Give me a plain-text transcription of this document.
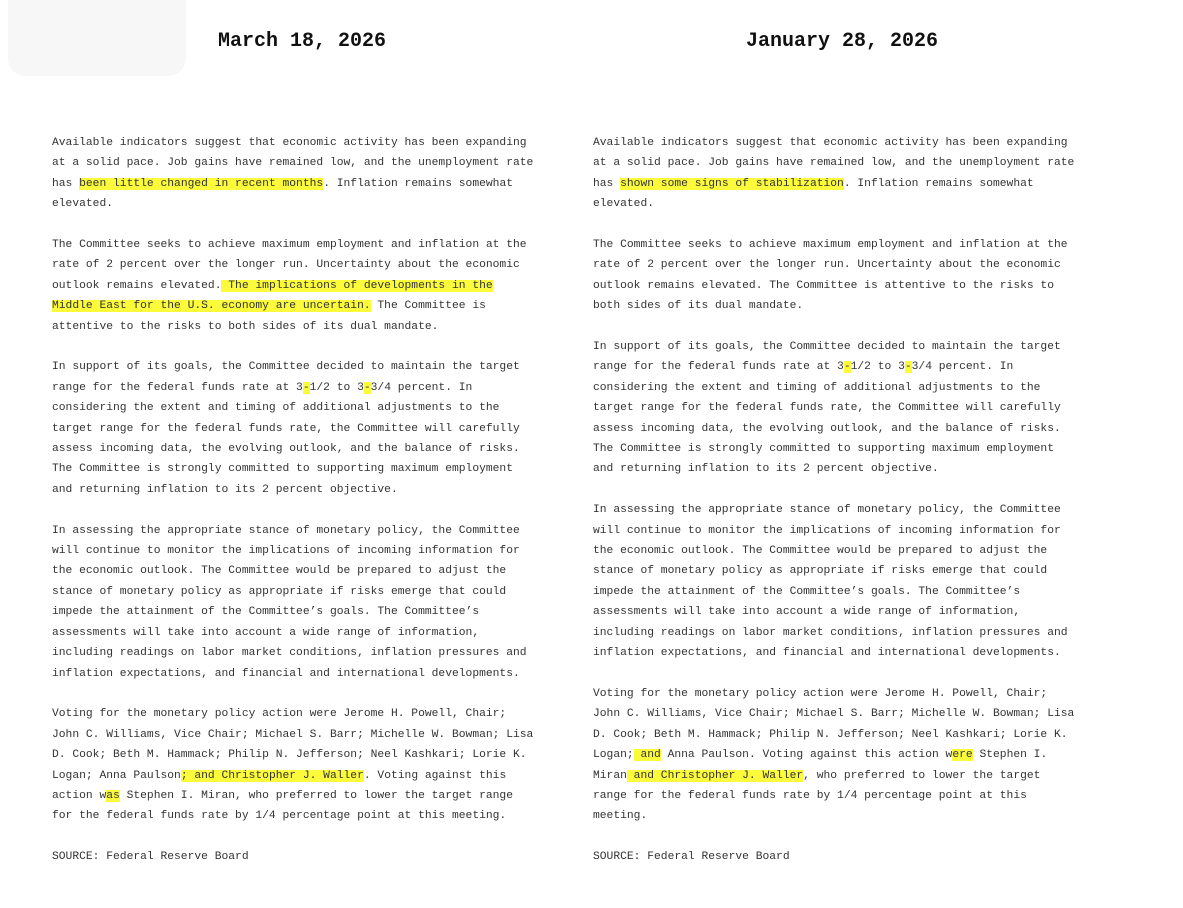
March 18, 2026

Available indicators suggest that economic activity has been expanding
at a solid pace. Job gains have remained low, and the unemployment rate
has been little changed in recent months. Inflation remains somewhat
elevated.

The Committee seeks to achieve maximum employment and inflation at the
rate of 2 percent over the longer run. Uncertainty about the economic
outlook remains elevated. The implications of developments in the
Middle East for the U.S. economy are uncertain. The Committee is
attentive to the risks to both sides of its dual mandate.

In support of its goals, the Committee decided to maintain the target
range for the federal funds rate at 3-1/2 to 3-3/4 percent. In
considering the extent and timing of additional adjustments to the
target range for the federal funds rate, the Committee will carefully
assess incoming data, the evolving outlook, and the balance of risks.
The Committee is strongly committed to supporting maximum employment
and returning inflation to its 2 percent objective.

In assessing the appropriate stance of monetary policy, the Committee
will continue to monitor the implications of incoming information for
the economic outlook. The Committee would be prepared to adjust the
stance of monetary policy as appropriate if risks emerge that could
impede the attainment of the Committee’s goals. The Committee’s
assessments will take into account a wide range of information,
including readings on labor market conditions, inflation pressures and
inflation expectations, and financial and international developments.

Voting for the monetary policy action were Jerome H. Powell, Chair;
John C. Williams, Vice Chair; Michael S. Barr; Michelle W. Bowman; Lisa
D. Cook; Beth M. Hammack; Philip N. Jefferson; Neel Kashkari; Lorie K.
Logan; Anna Paulson; and Christopher J. Waller. Voting against this
action was Stephen I. Miran, who preferred to lower the target range
for the federal funds rate by 1/4 percentage point at this meeting.

SOURCE: Federal Reserve Board

January 28, 2026

Available indicators suggest that economic activity has been expanding
at a solid pace. Job gains have remained low, and the unemployment rate
has shown some signs of stabilization. Inflation remains somewhat
elevated.

The Committee seeks to achieve maximum employment and inflation at the
rate of 2 percent over the longer run. Uncertainty about the economic
outlook remains elevated. The Committee is attentive to the risks to
both sides of its dual mandate.

In support of its goals, the Committee decided to maintain the target
range for the federal funds rate at 3-1/2 to 3-3/4 percent. In
considering the extent and timing of additional adjustments to the
target range for the federal funds rate, the Committee will carefully
assess incoming data, the evolving outlook, and the balance of risks.
The Committee is strongly committed to supporting maximum employment
and returning inflation to its 2 percent objective.

In assessing the appropriate stance of monetary policy, the Committee
will continue to monitor the implications of incoming information for
the economic outlook. The Committee would be prepared to adjust the
stance of monetary policy as appropriate if risks emerge that could
impede the attainment of the Committee’s goals. The Committee’s
assessments will take into account a wide range of information,
including readings on labor market conditions, inflation pressures and
inflation expectations, and financial and international developments.

Voting for the monetary policy action were Jerome H. Powell, Chair;
John C. Williams, Vice Chair; Michael S. Barr; Michelle W. Bowman; Lisa
D. Cook; Beth M. Hammack; Philip N. Jefferson; Neel Kashkari; Lorie K.
Logan; and Anna Paulson. Voting against this action were Stephen I.
Miran and Christopher J. Waller, who preferred to lower the target
range for the federal funds rate by 1/4 percentage point at this
meeting.

SOURCE: Federal Reserve Board
